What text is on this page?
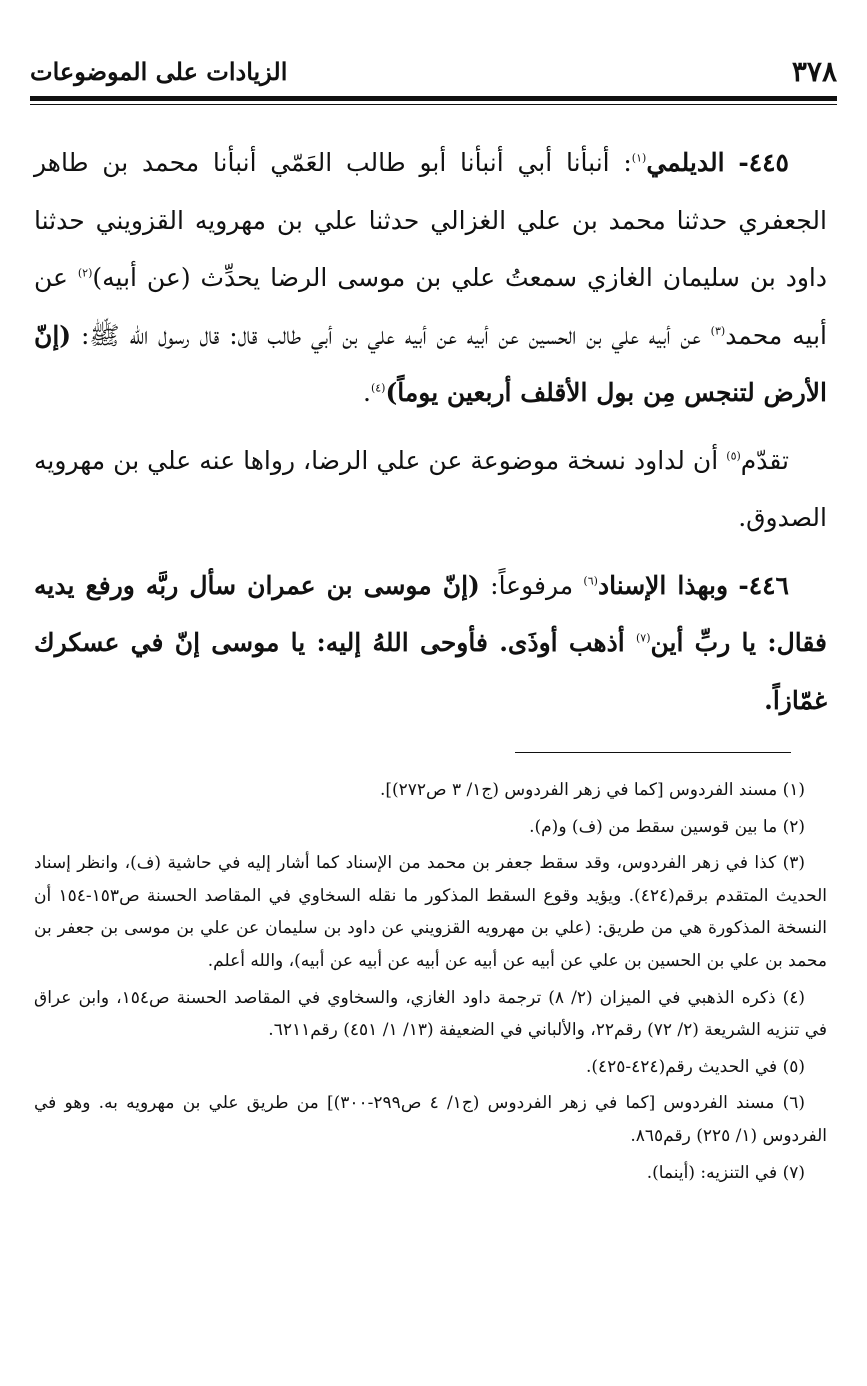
٣٧٨
الزيادات على الموضوعات

٤٤٥- الديلمي$^{(١)}$: أنبأنا أبي أنبأنا أبو طالب العَمّي أنبأنا محمد بن طاهر الجعفري حدثنا محمد بن علي الغزالي حدثنا علي بن مهرويه القزويني حدثنا داود بن سليمان الغازي سمعتُ علي بن موسى الرضا يحدِّث (عن أبيه)$^{(٢)}$ عن أبيه محمد$^{(٣)}$ عن أبيه علي بن الحسين عن أبيه عن أبيه علي بن أبي طالب قال: قال رسول الله ﷺ: (إنّ الأرض لتنجس مِن بول الأقلف أربعين يوماً)$^{(٤)}$.

تقدّم$^{(٥)}$ أن لداود نسخة موضوعة عن علي الرضا، رواها عنه علي بن مهرويه الصدوق.

٤٤٦- وبهذا الإسناد$^{(٦)}$ مرفوعاً: (إنّ موسى بن عمران سأل ربَّه ورفع يديه فقال: يا ربِّ أين$^{(٧)}$ أذهب أوذَى. فأوحى اللهُ إليه: يا موسى إنّ في عسكرك غمّازاً.

(١) مسند الفردوس [كما في زهر الفردوس (ج١/ ٣ ص٢٧٢)].

(٢) ما بين قوسين سقط من (ف) و(م).

(٣) كذا في زهر الفردوس، وقد سقط جعفر بن محمد من الإسناد كما أشار إليه في حاشية (ف)، وانظر إسناد الحديث المتقدم برقم(٤٢٤). ويؤيد وقوع السقط المذكور ما نقله السخاوي في المقاصد الحسنة ص١٥٣-١٥٤ أن النسخة المذكورة هي من طريق: (علي بن مهرويه القزويني عن داود بن سليمان عن علي بن موسى بن جعفر بن محمد بن علي بن الحسين بن علي عن أبيه عن أبيه عن أبيه عن أبيه عن أبيه)، والله أعلم.

(٤) ذكره الذهبي في الميزان (٢/ ٨) ترجمة داود الغازي، والسخاوي في المقاصد الحسنة ص١٥٤، وابن عراق في تنزيه الشريعة (٢/ ٧٢) رقم٢٢، والألباني في الضعيفة (١٣/ ١/ ٤٥١) رقم٦٢١١.

(٥) في الحديث رقم(٤٢٤-٤٢٥).

(٦) مسند الفردوس [كما في زهر الفردوس (ج١/ ٤ ص٢٩٩-٣٠٠)] من طريق علي بن مهرويه به. وهو في الفردوس (١/ ٢٢٥) رقم٨٦٥.

(٧) في التنزيه: (أينما).
